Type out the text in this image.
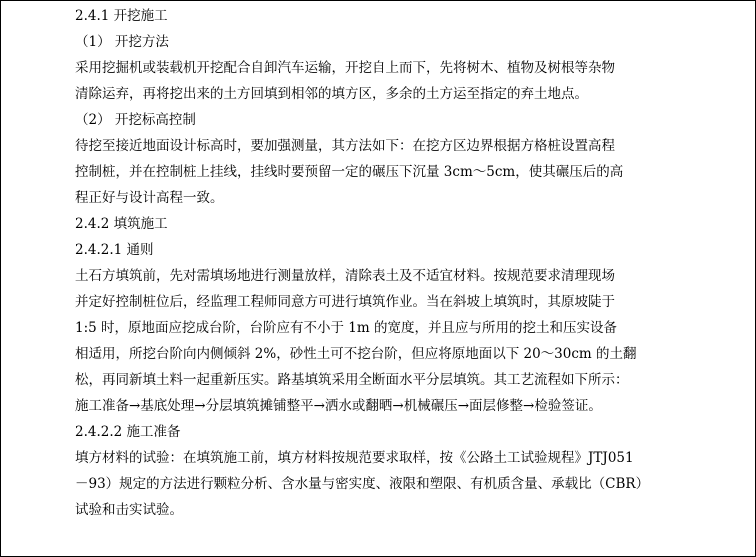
2.4.1 开挖施工
（1） 开挖方法
采用挖掘机或装载机开挖配合自卸汽车运输，开挖自上而下，先将树木、植物及树根等杂物
清除运弃，再将挖出来的土方回填到相邻的填方区，多余的土方运至指定的弃土地点。
（2） 开挖标高控制
待挖至接近地面设计标高时，要加强测量，其方法如下：在挖方区边界根据方格桩设置高程
控制桩，并在控制桩上挂线，挂线时要预留一定的碾压下沉量 3cm～5cm，使其碾压后的高
程正好与设计高程一致。
2.4.2 填筑施工
2.4.2.1 通则
土石方填筑前，先对需填场地进行测量放样，清除表土及不适宜材料。按规范要求清理现场
并定好控制桩位后，经监理工程师同意方可进行填筑作业。当在斜坡上填筑时，其原坡陡于
1:5 时，原地面应挖成台阶，台阶应有不小于 1m 的宽度，并且应与所用的挖土和压实设备
相适用，所挖台阶向内侧倾斜 2%，砂性土可不挖台阶，但应将原地面以下 20～30cm 的土翻
松，再同新填土料一起重新压实。路基填筑采用全断面水平分层填筑。其工艺流程如下所示：
施工准备→基底处理→分层填筑摊铺整平→洒水或翻晒→机械碾压→面层修整→检验签证。
2.4.2.2 施工准备
填方材料的试验：在填筑施工前，填方材料按规范要求取样，按《公路土工试验规程》JTJ051
－93）规定的方法进行颗粒分析、含水量与密实度、液限和塑限、有机质含量、承载比（CBR）
试验和击实试验。
